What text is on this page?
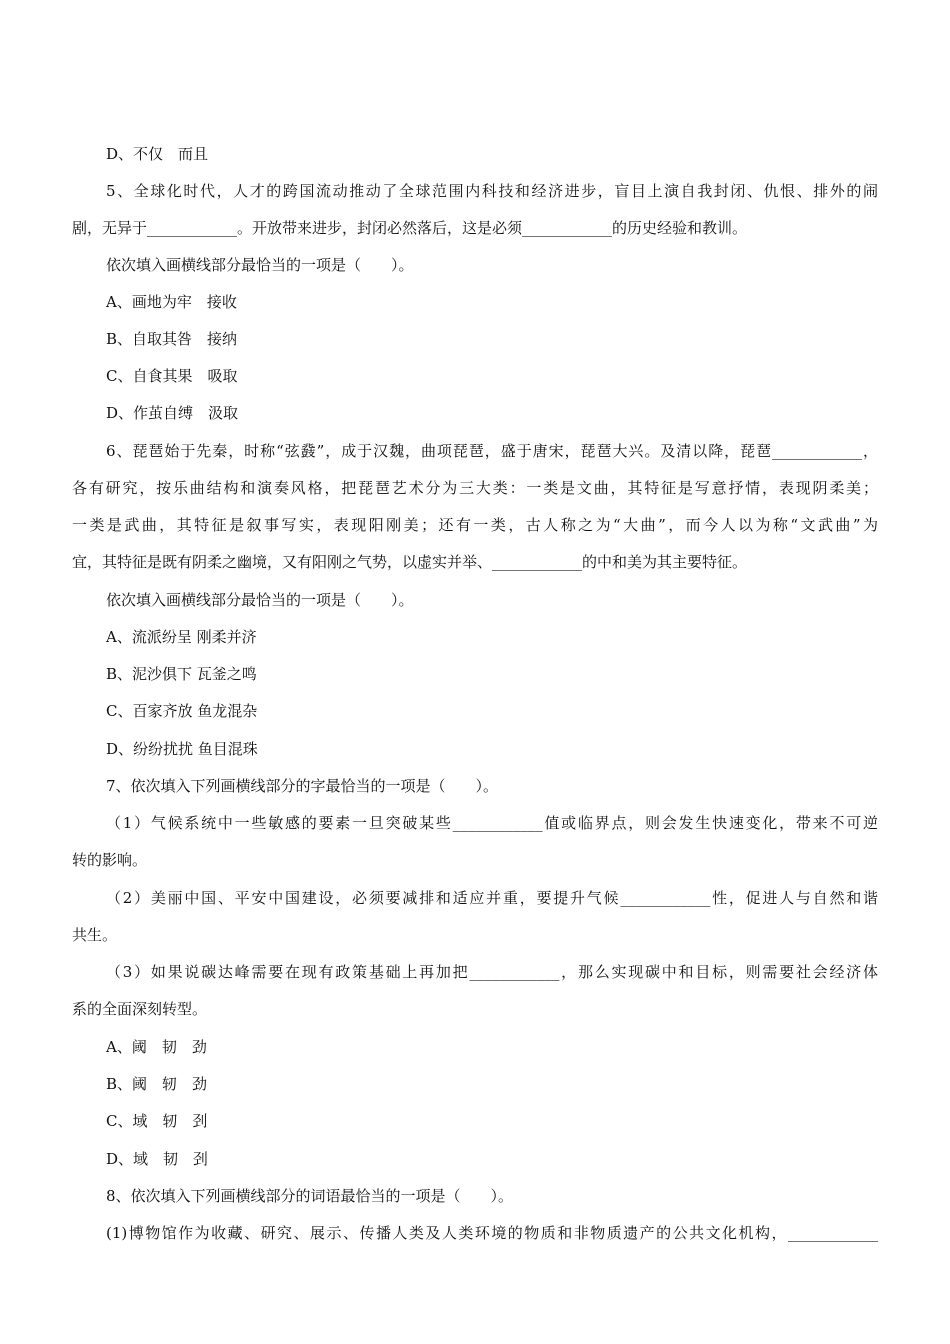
D、不仅　而且
5、全球化时代，人才的跨国流动推动了全球范围内科技和经济进步，盲目上演自我封闭、仇恨、排外的闹
剧，无异于____________。开放带来进步，封闭必然落后，这是必须____________的历史经验和教训。
依次填入画横线部分最恰当的一项是（　　）。
A、画地为牢　接收
B、自取其咎　接纳
C、自食其果　吸取
D、作茧自缚　汲取
6、琵琶始于先秦，时称“弦鼗”，成于汉魏，曲项琵琶，盛于唐宋，琵琶大兴。及清以降，琵琶____________，
各有研究，按乐曲结构和演奏风格，把琵琶艺术分为三大类：一类是文曲，其特征是写意抒情，表现阴柔美；
一类是武曲，其特征是叙事写实，表现阳刚美；还有一类，古人称之为“大曲”，而今人以为称“文武曲”为
宜，其特征是既有阴柔之幽境，又有阳刚之气势，以虚实并举、____________的中和美为其主要特征。
依次填入画横线部分最恰当的一项是（　　）。
A、流派纷呈 刚柔并济
B、泥沙俱下 瓦釜之鸣
C、百家齐放 鱼龙混杂
D、纷纷扰扰 鱼目混珠
7、依次填入下列画横线部分的字最恰当的一项是（　　）。
（1）气候系统中一些敏感的要素一旦突破某些____________值或临界点，则会发生快速变化，带来不可逆
转的影响。
（2）美丽中国、平安中国建设，必须要减排和适应并重，要提升气候____________性，促进人与自然和谐
共生。
（3）如果说碳达峰需要在现有政策基础上再加把____________，那么实现碳中和目标，则需要社会经济体
系的全面深刻转型。
A、阈　韧　劲
B、阈　轫　劲
C、域　轫　刭
D、域　韧　刭
8、依次填入下列画横线部分的词语最恰当的一项是（　　）。
(1)博物馆作为收藏、研究、展示、传播人类及人类环境的物质和非物质遗产的公共文化机构，____________
